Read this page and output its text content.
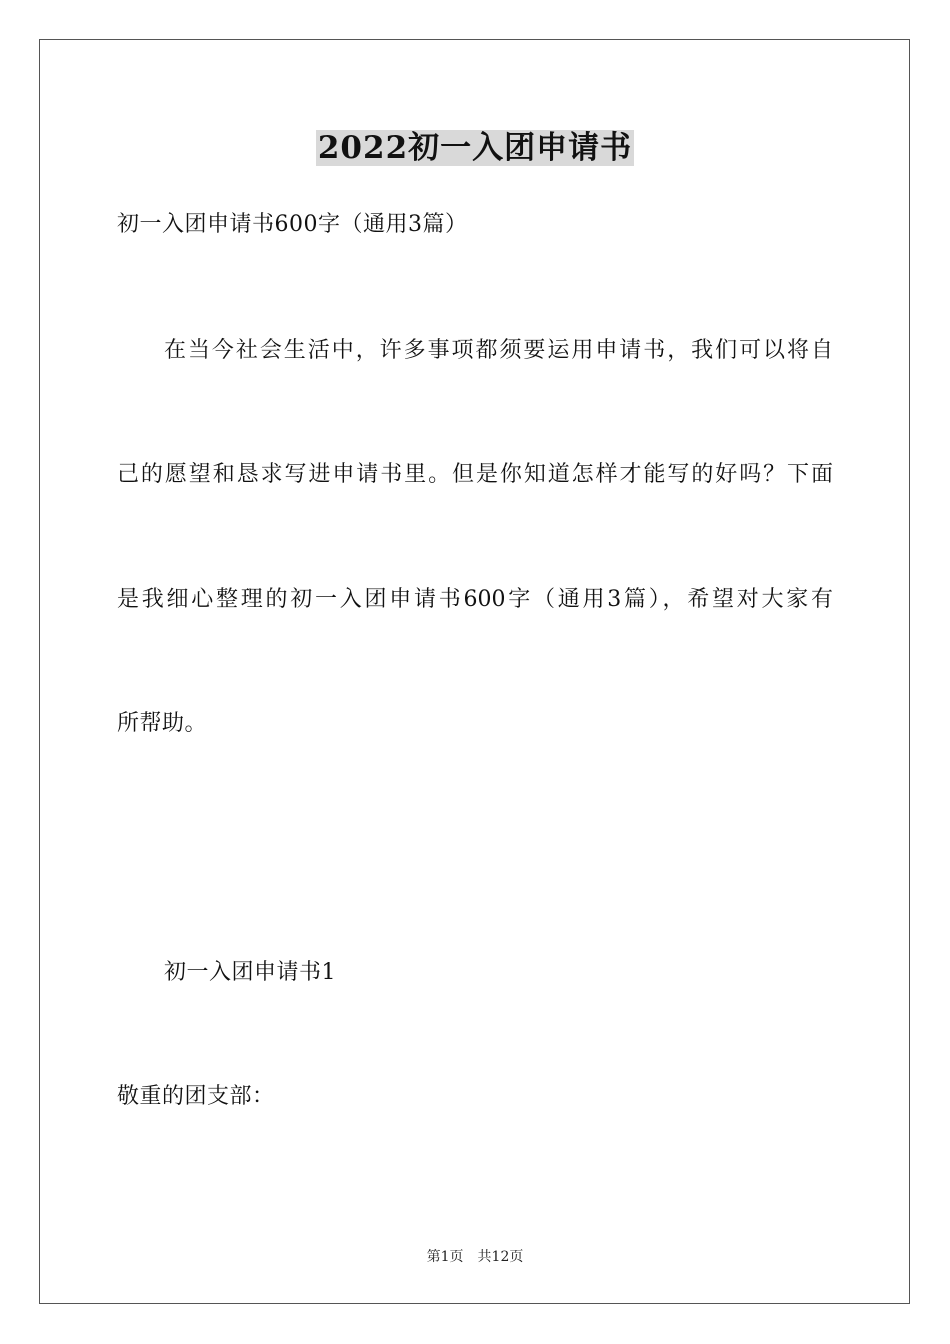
2022初一入团申请书
初一入团申请书600字（通用3篇）
在当今社会生活中，许多事项都须要运用申请书，我们可以将自
己的愿望和恳求写进申请书里。但是你知道怎样才能写的好吗？下面
是我细心整理的初一入团申请书600字（通用3篇），希望对大家有
所帮助。
初一入团申请书1
敬重的团支部：
第1页　共12页
